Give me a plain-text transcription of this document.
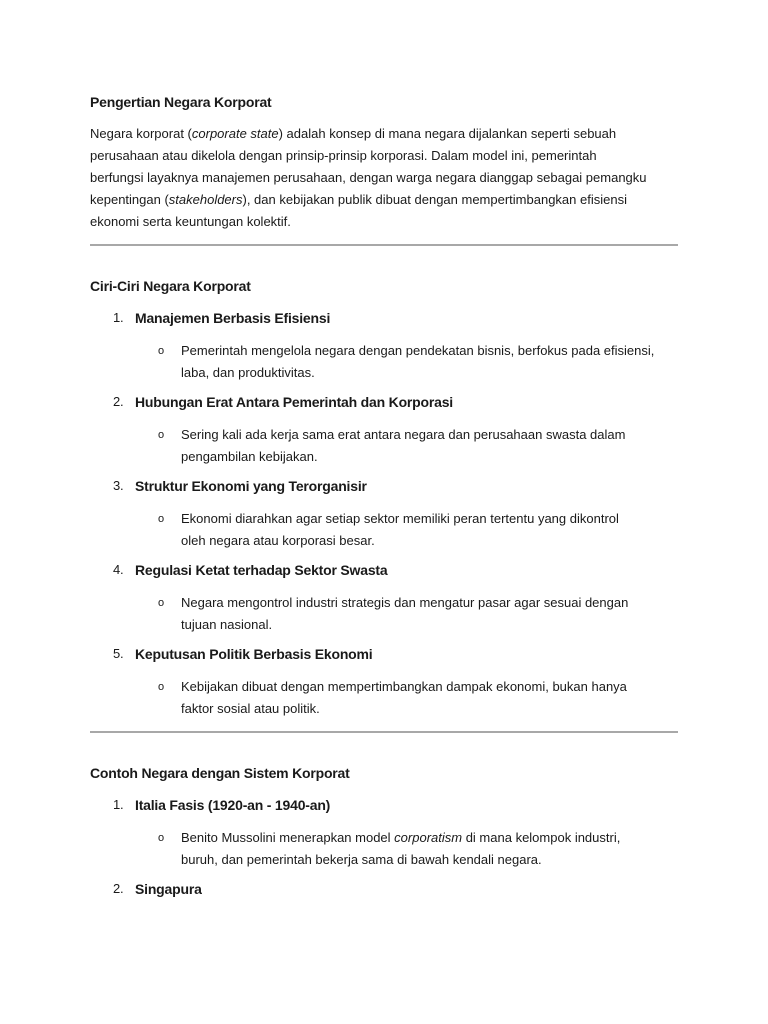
Pengertian Negara Korporat

Negara korporat (corporate state) adalah konsep di mana negara dijalankan seperti sebuah

perusahaan atau dikelola dengan prinsip-prinsip korporasi. Dalam model ini, pemerintah

berfungsi layaknya manajemen perusahaan, dengan warga negara dianggap sebagai pemangku

kepentingan (stakeholders), dan kebijakan publik dibuat dengan mempertimbangkan efisiensi

ekonomi serta keuntungan kolektif.

Ciri-Ciri Negara Korporat
1. Manajemen Berbasis Efisiensi
o Pemerintah mengelola negara dengan pendekatan bisnis, berfokus pada efisiensi,
laba, dan produktivitas.
2. Hubungan Erat Antara Pemerintah dan Korporasi
o Sering kali ada kerja sama erat antara negara dan perusahaan swasta dalam
pengambilan kebijakan.
3. Struktur Ekonomi yang Terorganisir
o Ekonomi diarahkan agar setiap sektor memiliki peran tertentu yang dikontrol
oleh negara atau korporasi besar.
4. Regulasi Ketat terhadap Sektor Swasta
o Negara mengontrol industri strategis dan mengatur pasar agar sesuai dengan
tujuan nasional.
5. Keputusan Politik Berbasis Ekonomi
o Kebijakan dibuat dengan mempertimbangkan dampak ekonomi, bukan hanya
faktor sosial atau politik.
Contoh Negara dengan Sistem Korporat
1. Italia Fasis (1920-an - 1940-an)
o Benito Mussolini menerapkan model corporatism di mana kelompok industri,
buruh, dan pemerintah bekerja sama di bawah kendali negara.
2. Singapura
